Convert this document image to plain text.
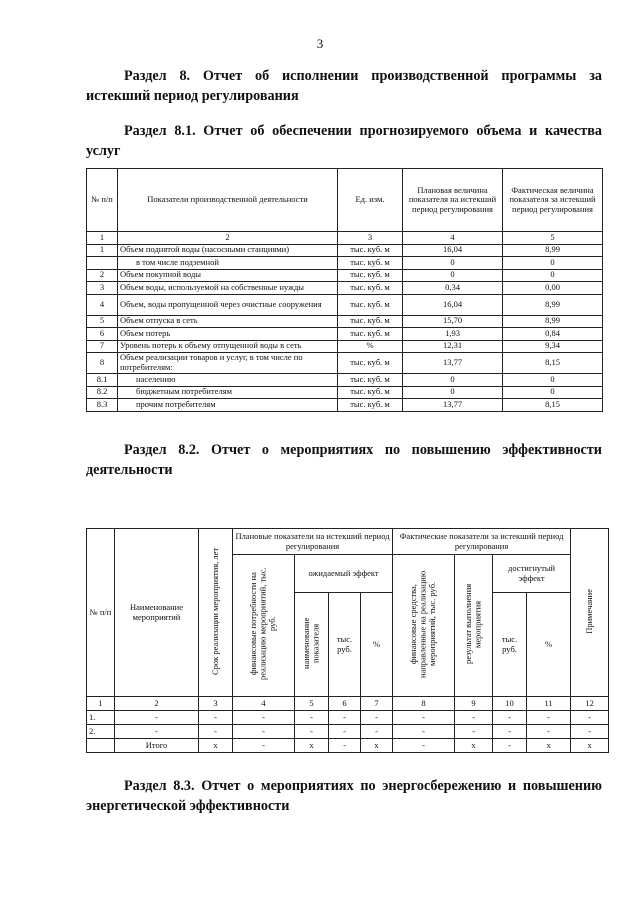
3

Раздел 8. Отчет об исполнении производственной программы за истекший период регулирования

Раздел 8.1. Отчет об обеспечении прогнозируемого объема и качества услуг

№ п/п	Показатели производственной деятельности	Ед. изм.	Плановая величина показателя на истекший период регулирования	Фактическая величина показателя за истекший период регулирования
1	2	3	4	5
1	Объем поднятой воды (насосными станциями)	тыс. куб. м	16,04	8,99
	в том числе подземной	тыс. куб. м	0	0
2	Объем покупной воды	тыс. куб. м	0	0
3	Объем воды, используемой на собственные нужды	тыс. куб. м	0,34	0,00
4	Объем, воды пропущенной через очистные сооружения	тыс. куб. м	16,04	8,99
5	Объем отпуска в сеть	тыс. куб. м	15,70	8,99
6	Объем потерь	тыс. куб. м	1,93	0,84
7	Уровень потерь к объему отпущенной воды в сеть	%	12,31	9,34
8	Объем реализации товаров и услуг, в том числе по потребителям:	тыс. куб. м	13,77	8,15
8.1	населению	тыс. куб. м	0	0
8.2	бюджетным потребителям	тыс. куб. м	0	0
8.3	прочим потребителям	тыс. куб. м	13,77	8,15

Раздел 8.2. Отчет о мероприятиях по повышению эффективности деятельности

№ п/п	Наименование мероприятий	Срок реализации мероприятия, лет	Плановые показатели на истекший период регулирования				Фактические показатели за истекший период регулирования				Примечание
			финансовые потребности на реализацию мероприятий, тыс. руб.	ожидаемый эффект			финансовые средства, направленные на реализацию мероприятий, тыс. руб.	результат выполнения мероприятия	достигнутый эффект		
				наименование показателя	тыс. руб.	%			тыс. руб.	%	
1	2	3	4	5	6	7	8	9	10	11	12
1.	-	-	-	-	-	-	-	-	-	-	-
2.	-	-	-	-	-	-	-	-	-	-	-
	Итого	х	-	х	-	х	-	х	-	х	х

Раздел 8.3. Отчет о мероприятиях по энергосбережению и повышению энергетической эффективности
